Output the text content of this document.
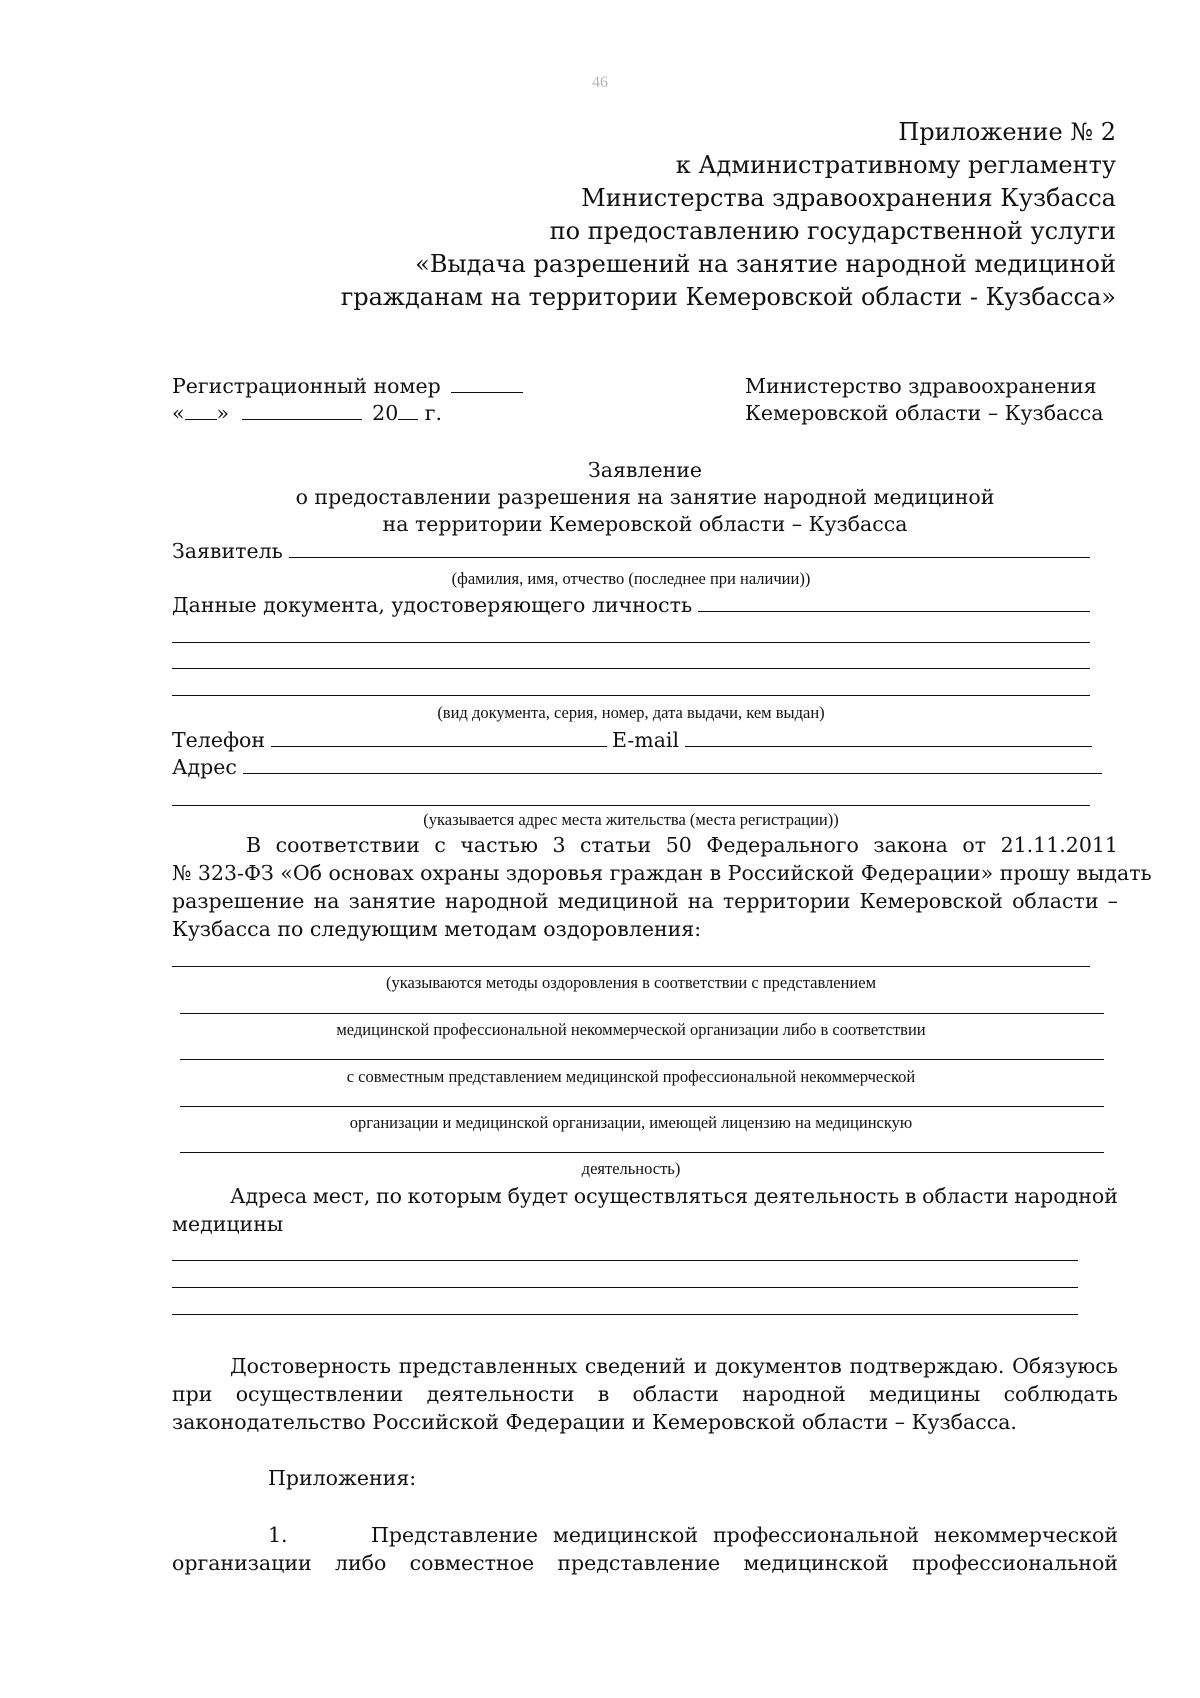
46
Приложение № 2
к Административному регламенту
Министерства здравоохранения Кузбасса
по предоставлению государственной услуги
«Выдача разрешений на занятие народной медициной
гражданам на территории Кемеровской области - Кузбасса»
Регистрационный номер
« »	20 г.
Министерство здравоохранения
Кемеровской области – Кузбасса
Заявление
о предоставлении разрешения на занятие народной медициной
на территории Кемеровской области – Кузбасса
Заявитель
(фамилия, имя, отчество (последнее при наличии))
Данные документа, удостоверяющего личность
(вид документа, серия, номер, дата выдачи, кем выдан)
Телефон	E-mail
Адрес
(указывается адрес места жительства (места регистрации))
В соответствии с частью 3 статьи 50 Федерального закона от 21.11.2011
№ 323-ФЗ «Об основах охраны здоровья граждан в Российской Федерации» прошу выдать
разрешение на занятие народной медициной на территории Кемеровской области –
Кузбасса по следующим методам оздоровления:
(указываются методы оздоровления в соответствии с представлением
медицинской профессиональной некоммерческой организации либо в соответствии
с совместным представлением медицинской профессиональной некоммерческой
организации и медицинской организации, имеющей лицензию на медицинскую
деятельность)
Адреса мест, по которым будет осуществляться деятельность в области народной
медицины
Достоверность представленных сведений и документов подтверждаю. Обязуюсь
при осуществлении деятельности в области народной медицины соблюдать
законодательство Российской Федерации и Кемеровской области – Кузбасса.
Приложения:
1.	Представление медицинской профессиональной некоммерческой
организации либо совместное представление медицинской профессиональной
